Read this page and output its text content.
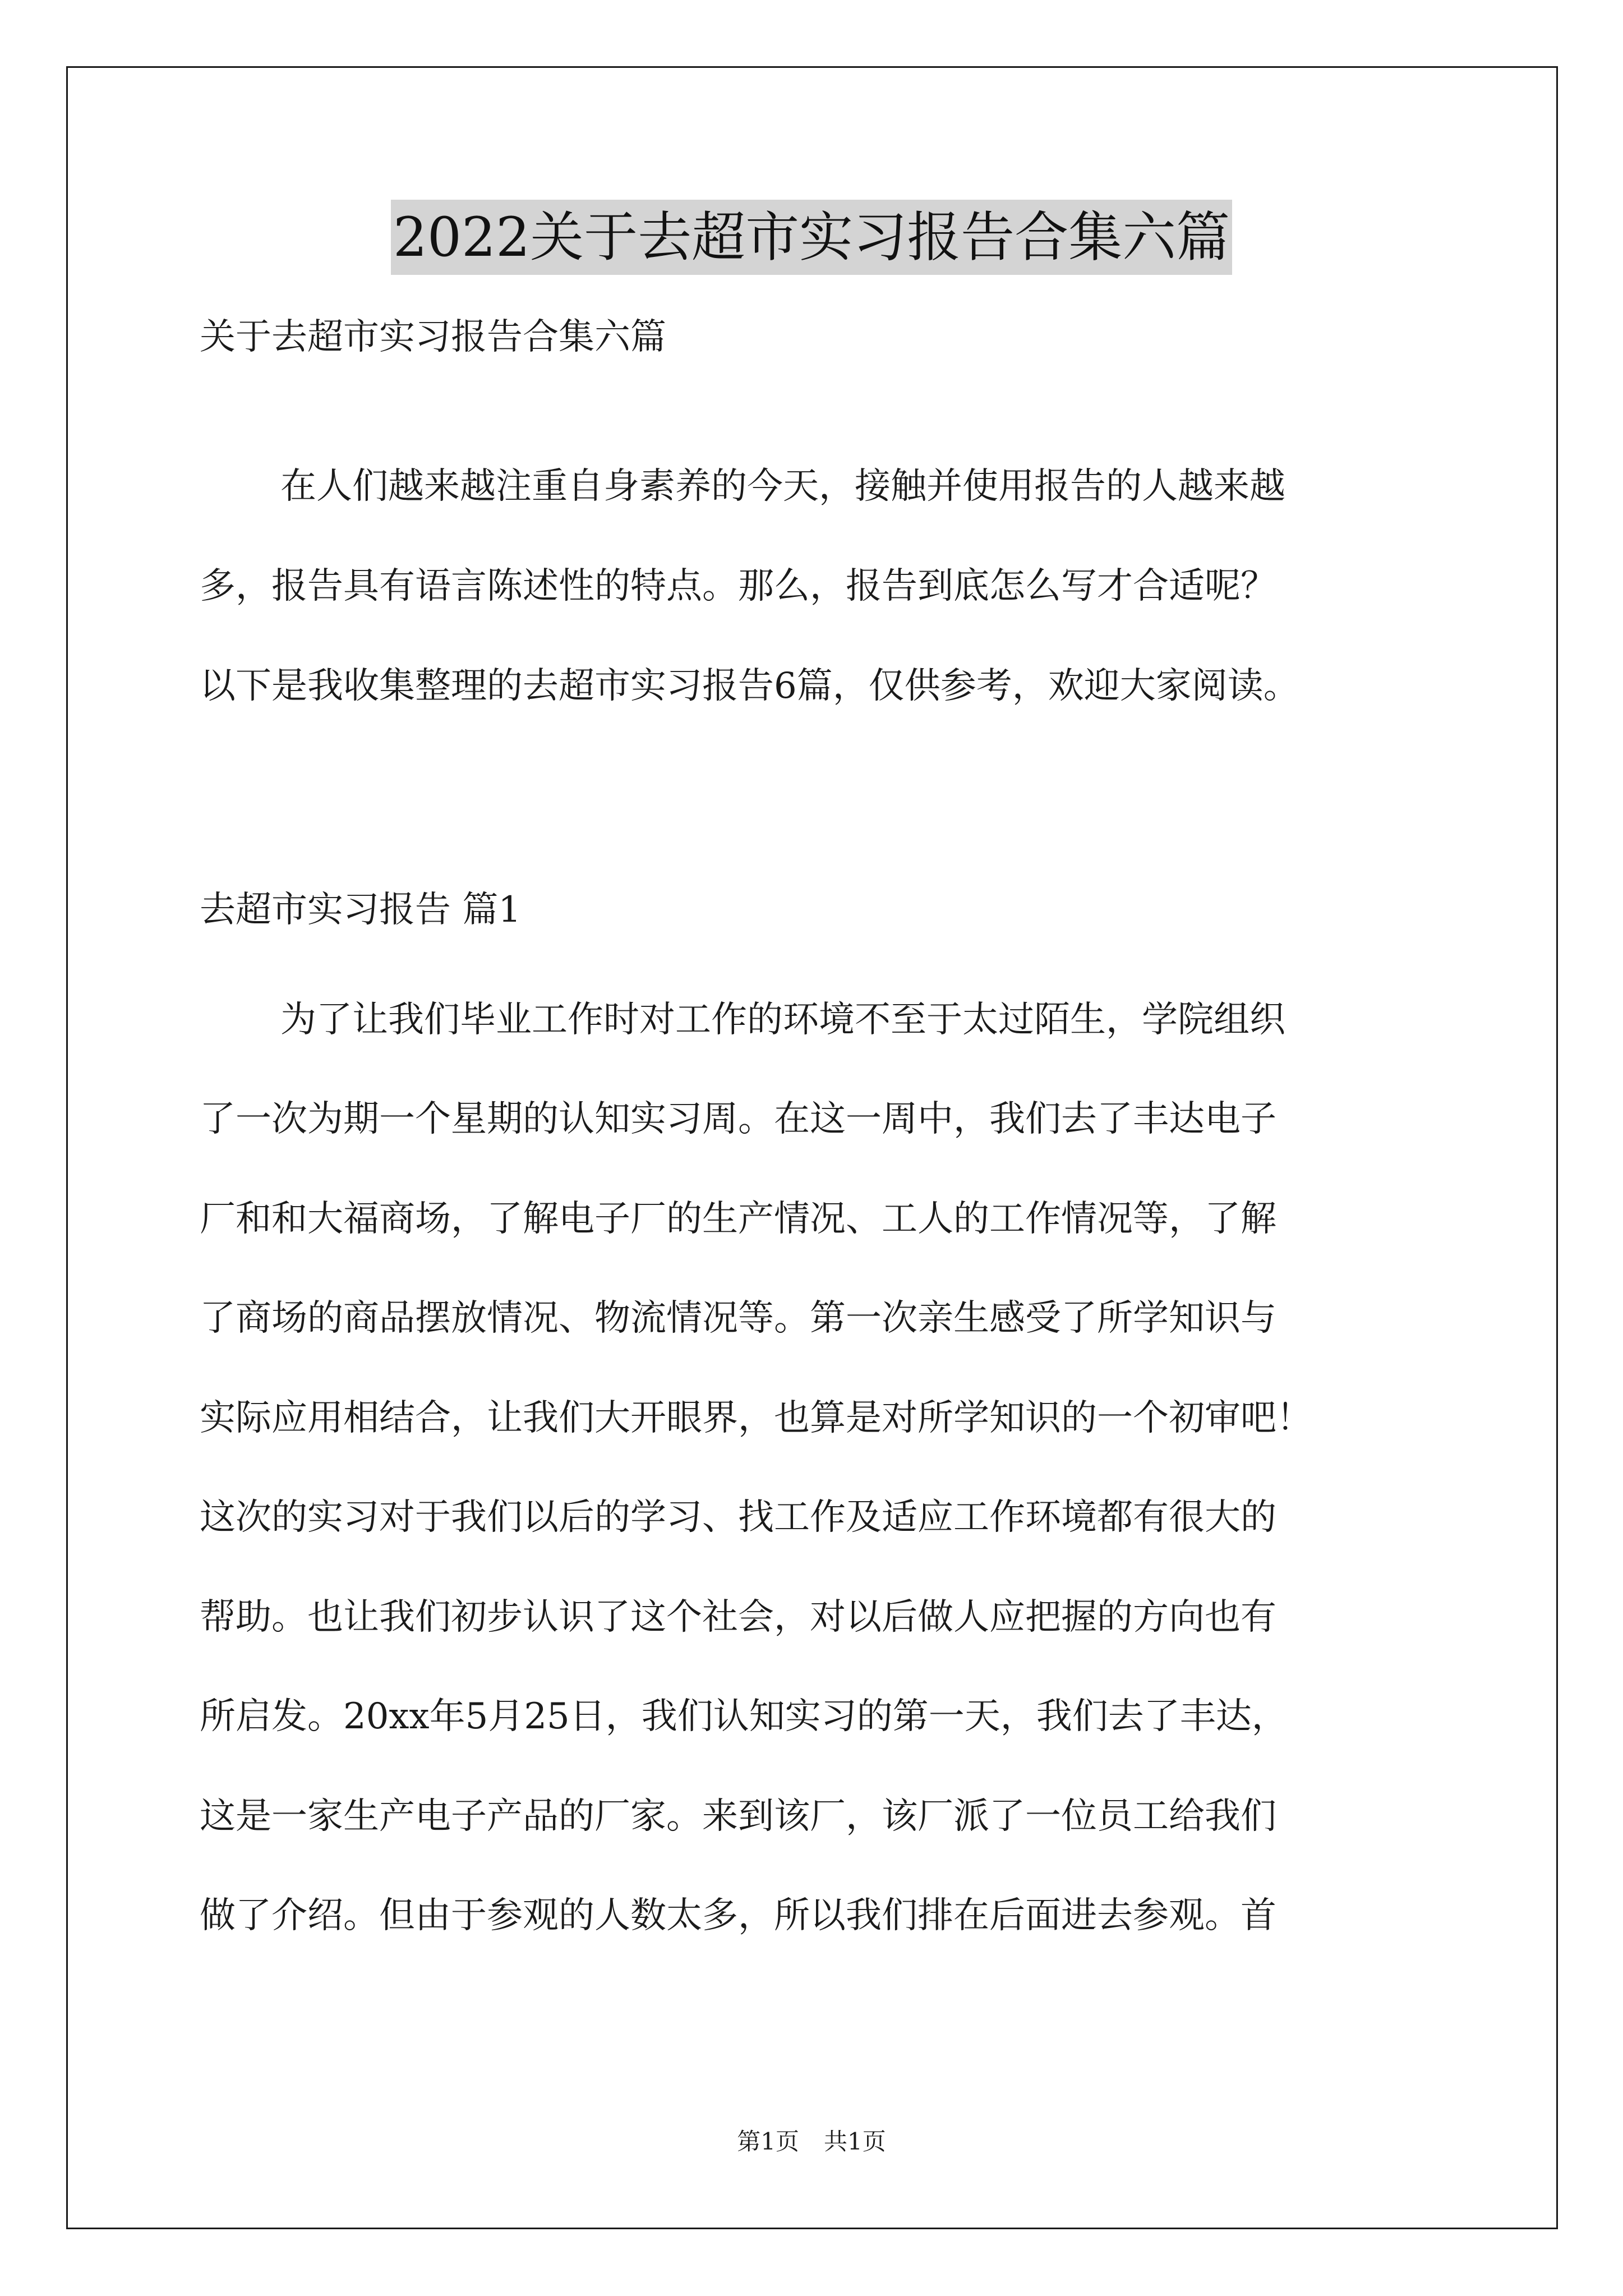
2022关于去超市实习报告合集六篇
关于去超市实习报告合集六篇
在人们越来越注重自身素养的今天，接触并使用报告的人越来越
多，报告具有语言陈述性的特点。那么，报告到底怎么写才合适呢？
以下是我收集整理的去超市实习报告6篇，仅供参考，欢迎大家阅读。
去超市实习报告 篇1
为了让我们毕业工作时对工作的环境不至于太过陌生，学院组织
了一次为期一个星期的认知实习周。在这一周中，我们去了丰达电子
厂和和大福商场，了解电子厂的生产情况、工人的工作情况等，了解
了商场的商品摆放情况、物流情况等。第一次亲生感受了所学知识与
实际应用相结合，让我们大开眼界，也算是对所学知识的一个初审吧！
这次的实习对于我们以后的学习、找工作及适应工作环境都有很大的
帮助。也让我们初步认识了这个社会，对以后做人应把握的方向也有
所启发。20xx年5月25日，我们认知实习的第一天，我们去了丰达，
这是一家生产电子产品的厂家。来到该厂，该厂派了一位员工给我们
做了介绍。但由于参观的人数太多，所以我们排在后面进去参观。首
第1页 共1页
